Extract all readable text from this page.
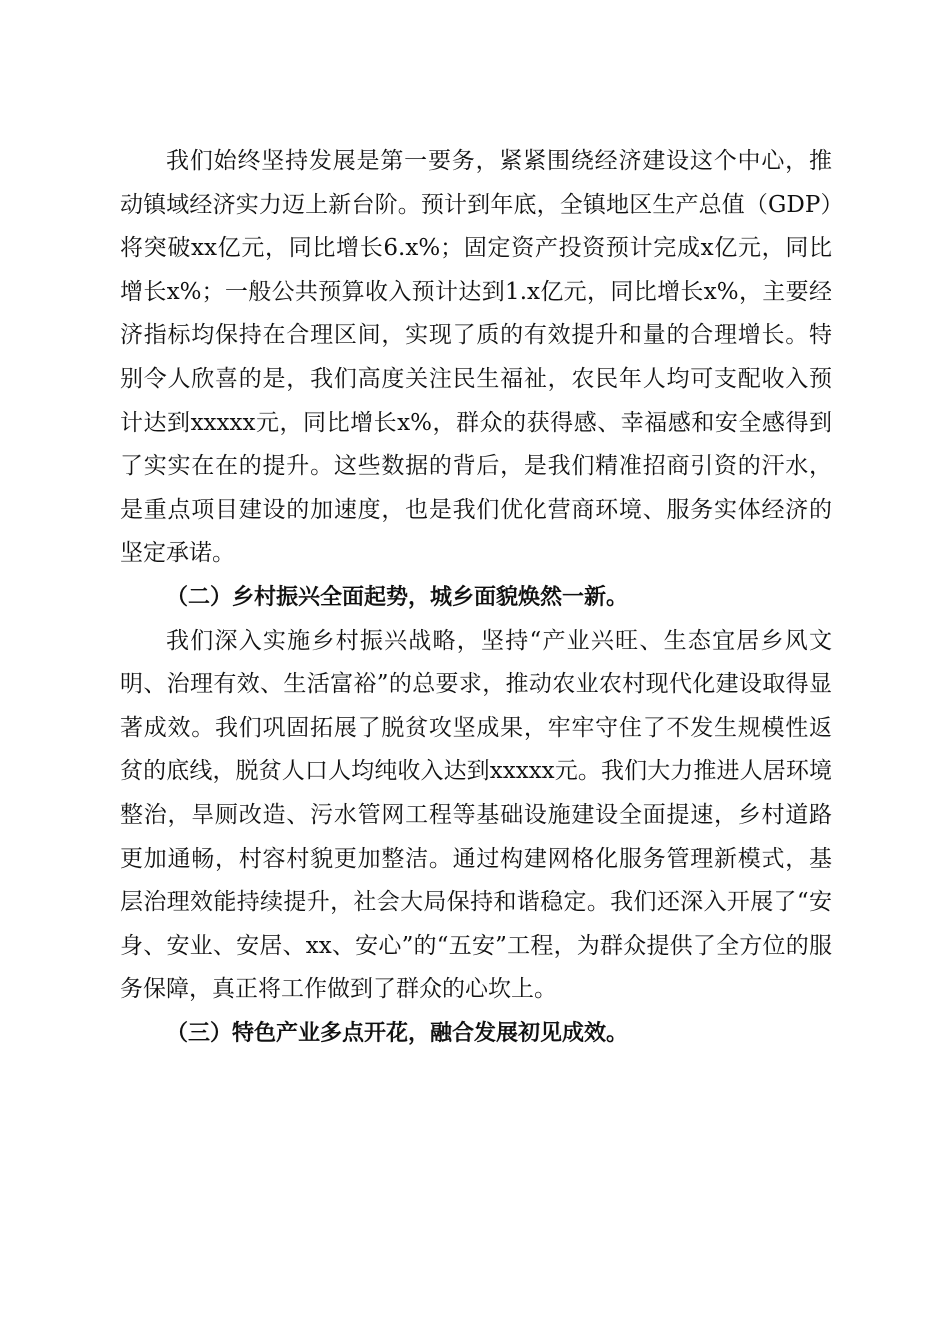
我们始终坚持发展是第一要务，紧紧围绕经济建设这个中心，推动镇域经济实力迈上新台阶。预计到年底，全镇地区生产总值（GDP）将突破xx亿元，同比增长6.x%；固定资产投资预计完成x亿元，同比增长x%；一般公共预算收入预计达到1.x亿元，同比增长x%，主要经济指标均保持在合理区间，实现了质的有效提升和量的合理增长。特别令人欣喜的是，我们高度关注民生福祉，农民年人均可支配收入预计达到xxxxx元，同比增长x%，群众的获得感、幸福感和安全感得到了实实在在的提升。这些数据的背后，是我们精准招商引资的汗水，是重点项目建设的加速度，也是我们优化营商环境、服务实体经济的坚定承诺。

（二）乡村振兴全面起势，城乡面貌焕然一新。

我们深入实施乡村振兴战略，坚持“产业兴旺、生态宜居乡风文明、治理有效、生活富裕”的总要求，推动农业农村现代化建设取得显著成效。我们巩固拓展了脱贫攻坚成果，牢牢守住了不发生规模性返贫的底线，脱贫人口人均纯收入达到xxxxx元。我们大力推进人居环境整治，旱厕改造、污水管网工程等基础设施建设全面提速，乡村道路更加通畅，村容村貌更加整洁。通过构建网格化服务管理新模式，基层治理效能持续提升，社会大局保持和谐稳定。我们还深入开展了“安身、安业、安居、xx、安心”的“五安”工程，为群众提供了全方位的服务保障，真正将工作做到了群众的心坎上。

（三）特色产业多点开花，融合发展初见成效。
